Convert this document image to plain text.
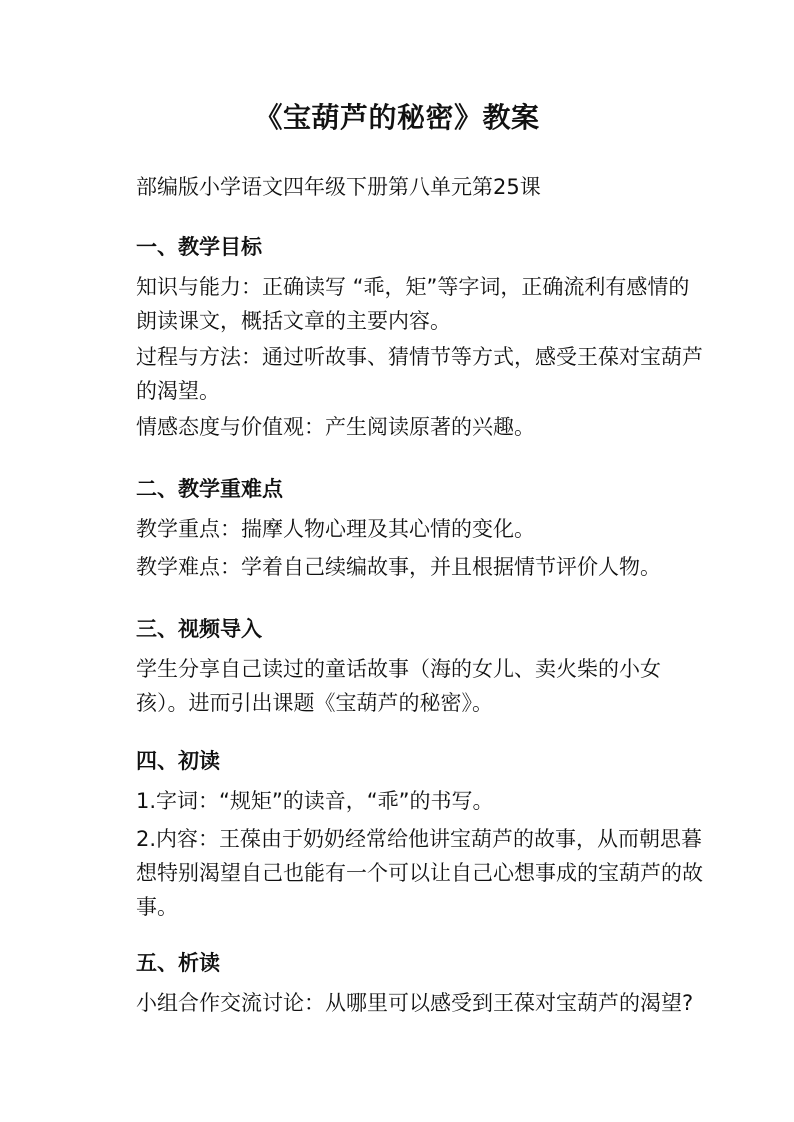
《宝葫芦的秘密》教案
部编版小学语文四年级下册第八单元第25课

一、教学目标

知识与能力：正确读写 “乖，矩”等字词，正确流利有感情的朗读课文，概括文章的主要内容。

过程与方法：通过听故事、猜情节等方式，感受王葆对宝葫芦的渴望。

情感态度与价值观：产生阅读原著的兴趣。

二、教学重难点

教学重点：揣摩人物心理及其心情的变化。

教学难点：学着自己续编故事，并且根据情节评价人物。

三、视频导入

学生分享自己读过的童话故事（海的女儿、卖火柴的小女孩）。进而引出课题《宝葫芦的秘密》。

四、初读

1.字词：“规矩”的读音，“乖”的书写。

2.内容：王葆由于奶奶经常给他讲宝葫芦的故事，从而朝思暮想特别渴望自己也能有一个可以让自己心想事成的宝葫芦的故事。

五、析读

小组合作交流讨论：从哪里可以感受到王葆对宝葫芦的渴望?
